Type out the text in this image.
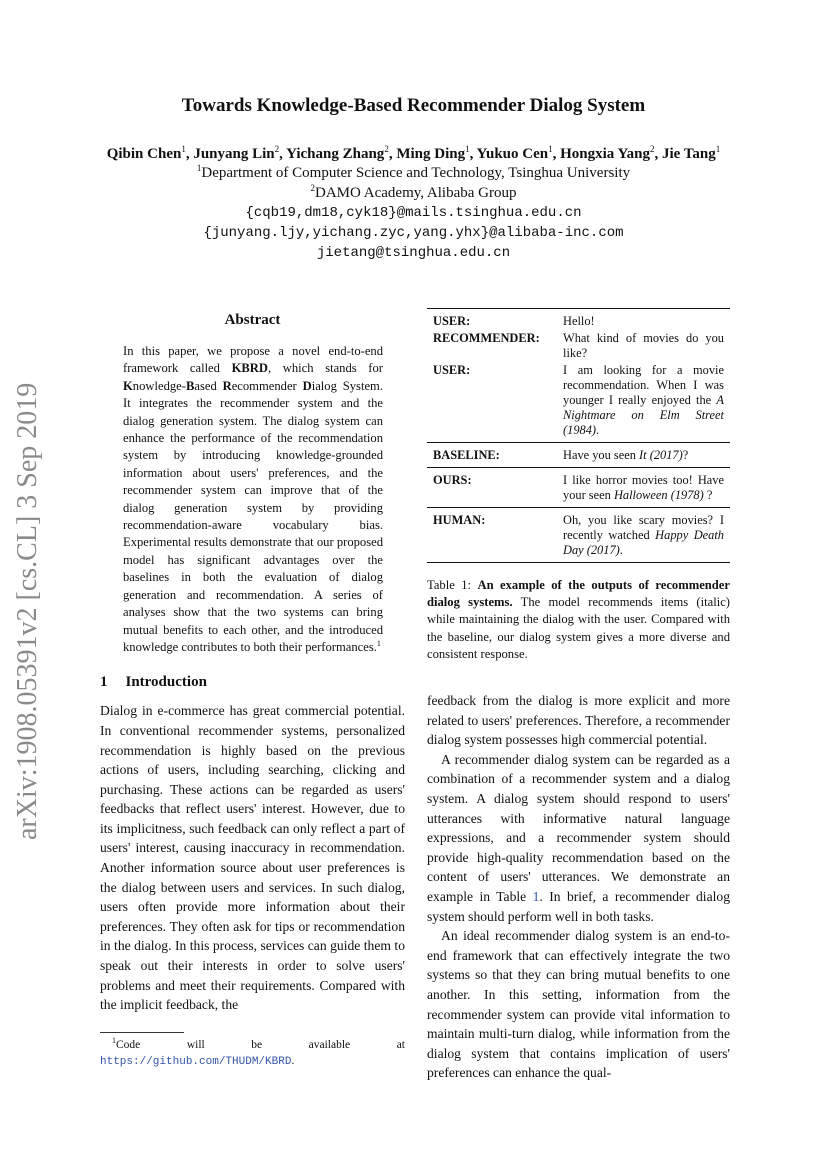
arXiv:1908.05391v2 [cs.CL] 3 Sep 2019
Towards Knowledge-Based Recommender Dialog System
Qibin Chen$^1$, Junyang Lin$^2$, Yichang Zhang$^2$, Ming Ding$^1$, Yukuo Cen$^1$, Hongxia Yang$^2$, Jie Tang$^1$
$^1$Department of Computer Science and Technology, Tsinghua University
$^2$DAMO Academy, Alibaba Group
{cqb19,dm18,cyk18}@mails.tsinghua.edu.cn
{junyang.ljy,yichang.zyc,yang.yhx}@alibaba-inc.com
jietang@tsinghua.edu.cn
Abstract
In this paper, we propose a novel end-to-end framework called KBRD, which stands for Knowledge-Based Recommender Dialog System. It integrates the recommender system and the dialog generation system. The dialog system can enhance the performance of the recommendation system by introducing knowledge-grounded information about users' preferences, and the recommender system can improve that of the dialog generation system by providing recommendation-aware vocabulary bias. Experimental results demonstrate that our proposed model has significant advantages over the baselines in both the evaluation of dialog generation and recommendation. A series of analyses show that the two systems can bring mutual benefits to each other, and the introduced knowledge contributes to both their performances.$^1$
1 Introduction

Dialog in e-commerce has great commercial potential. In conventional recommender systems, personalized recommendation is highly based on the previous actions of users, including searching, clicking and purchasing. These actions can be regarded as users' feedbacks that reflect users' interest. However, due to its implicitness, such feedback can only reflect a part of users' interest, causing inaccuracy in recommendation. Another information source about user preferences is the dialog between users and services. In such dialog, users often provide more information about their preferences. They often ask for tips or recommendation in the dialog. In this process, services can guide them to speak out their interests in order to solve users' problems and meet their requirements. Compared with the implicit feedback, the

$^1$Code will be available at https://github.com/THUDM/KBRD.
USER:	Hello!
RECOMMENDER:	What kind of movies do you like?
USER:	I am looking for a movie recommendation. When I was younger I really enjoyed the A Nightmare on Elm Street (1984).
BASELINE:	Have you seen It (2017)?
OURS:	I like horror movies too! Have your seen Halloween (1978) ?
HUMAN:	Oh, you like scary movies? I recently watched Happy Death Day (2017).
Table 1: An example of the outputs of recommender dialog systems. The model recommends items (italic) while maintaining the dialog with the user. Compared with the baseline, our dialog system gives a more diverse and consistent response.

feedback from the dialog is more explicit and more related to users' preferences. Therefore, a recommender dialog system possesses high commercial potential.

A recommender dialog system can be regarded as a combination of a recommender system and a dialog system. A dialog system should respond to users' utterances with informative natural language expressions, and a recommender system should provide high-quality recommendation based on the content of users' utterances. We demonstrate an example in Table 1. In brief, a recommender dialog system should perform well in both tasks.

An ideal recommender dialog system is an end-to-end framework that can effectively integrate the two systems so that they can bring mutual benefits to one another. In this setting, information from the recommender system can provide vital information to maintain multi-turn dialog, while information from the dialog system that contains implication of users' preferences can enhance the qual-
